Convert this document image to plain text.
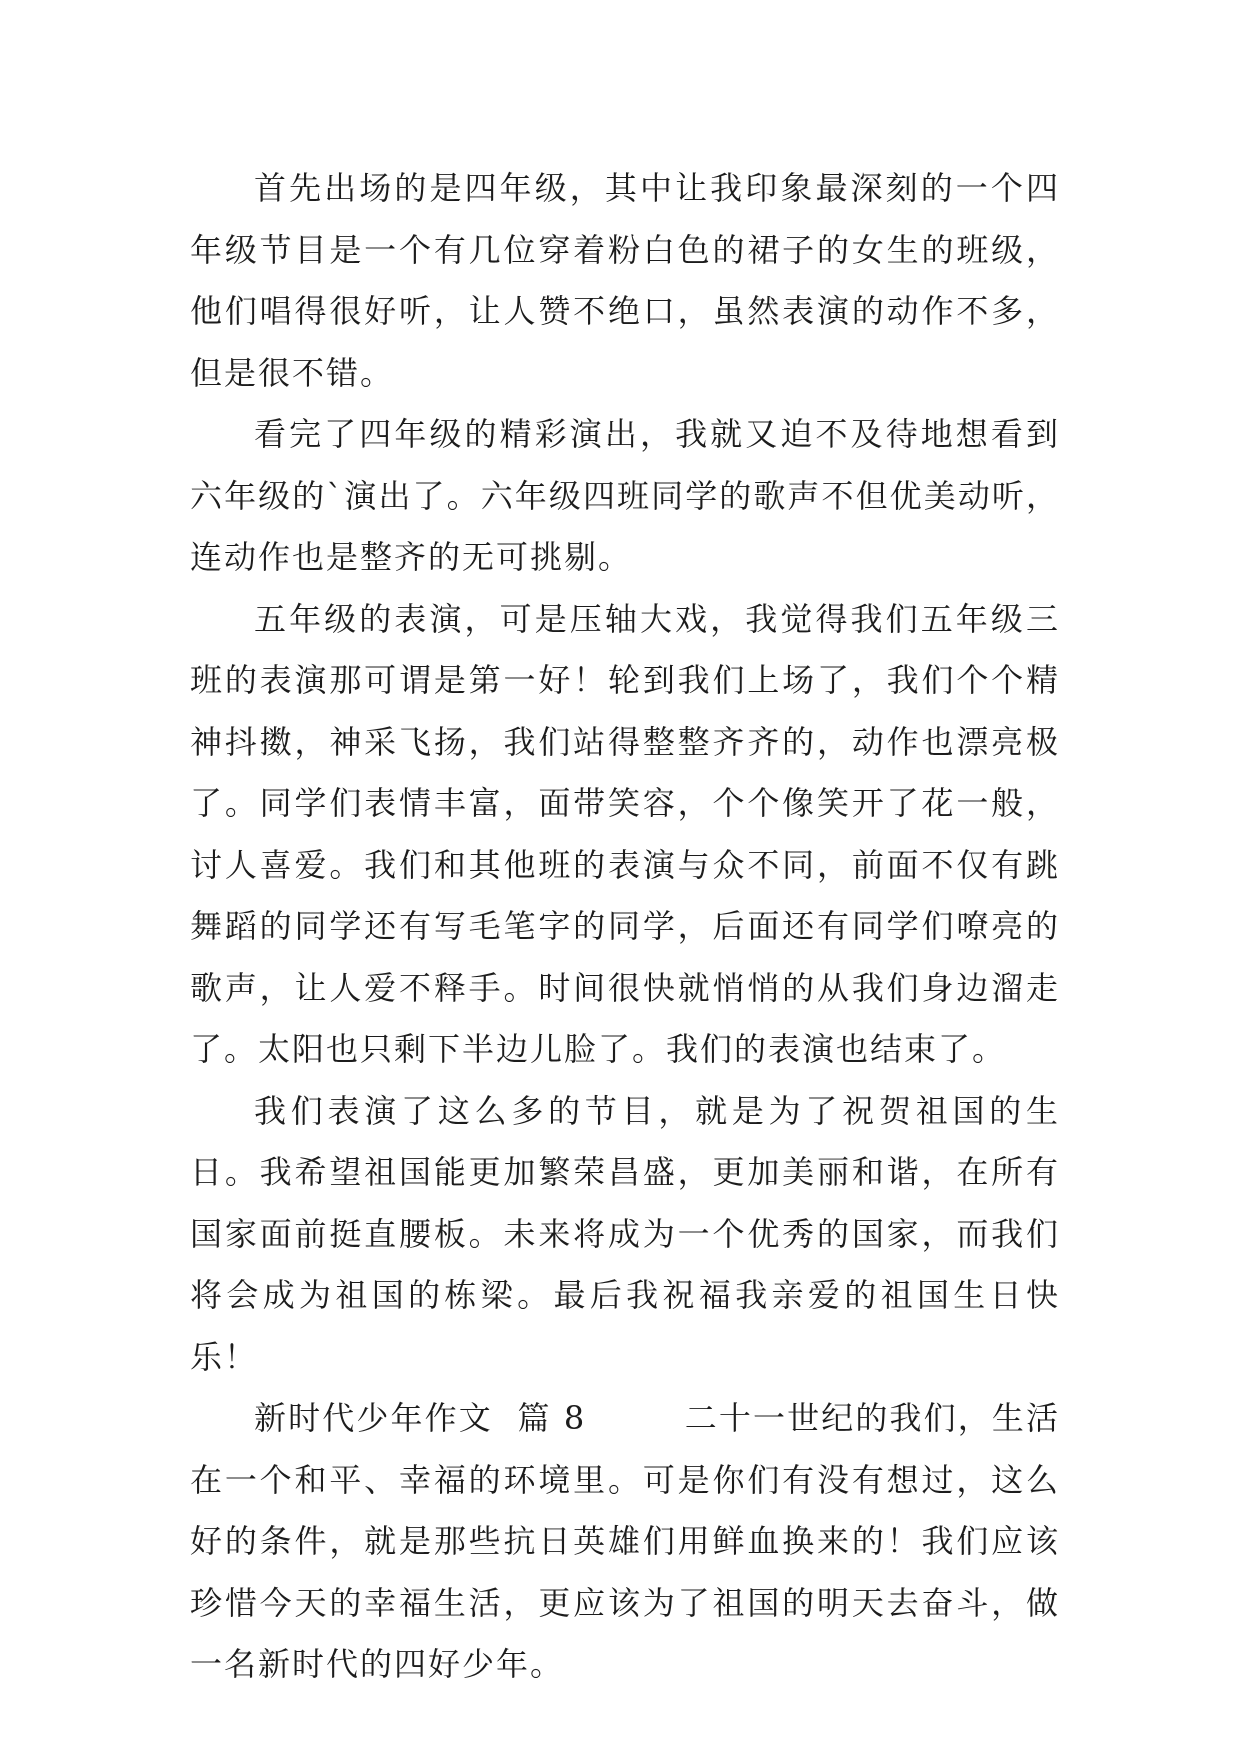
首先出场的是四年级，其中让我印象最深刻的一个四年级节目是一个有几位穿着粉白色的裙子的女生的班级，他们唱得很好听，让人赞不绝口，虽然表演的动作不多，但是很不错。

看完了四年级的精彩演出，我就又迫不及待地想看到六年级的`演出了。六年级四班同学的歌声不但优美动听，连动作也是整齐的无可挑剔。

五年级的表演，可是压轴大戏，我觉得我们五年级三班的表演那可谓是第一好！轮到我们上场了，我们个个精神抖擞，神采飞扬，我们站得整整齐齐的，动作也漂亮极了。同学们表情丰富，面带笑容，个个像笑开了花一般，讨人喜爱。我们和其他班的表演与众不同，前面不仅有跳舞蹈的同学还有写毛笔字的同学，后面还有同学们嘹亮的歌声，让人爱不释手。时间很快就悄悄的从我们身边溜走了。太阳也只剩下半边儿脸了。我们的表演也结束了。

我们表演了这么多的节目，就是为了祝贺祖国的生日。我希望祖国能更加繁荣昌盛，更加美丽和谐，在所有国家面前挺直腰板。未来将成为一个优秀的国家，而我们将会成为祖国的栋梁。最后我祝福我亲爱的祖国生日快乐！

新时代少年作文  篇 8        二十一世纪的我们，生活在一个和平、幸福的环境里。可是你们有没有想过，这么好的条件，就是那些抗日英雄们用鲜血换来的！我们应该珍惜今天的幸福生活，更应该为了祖国的明天去奋斗，做一名新时代的四好少年。
